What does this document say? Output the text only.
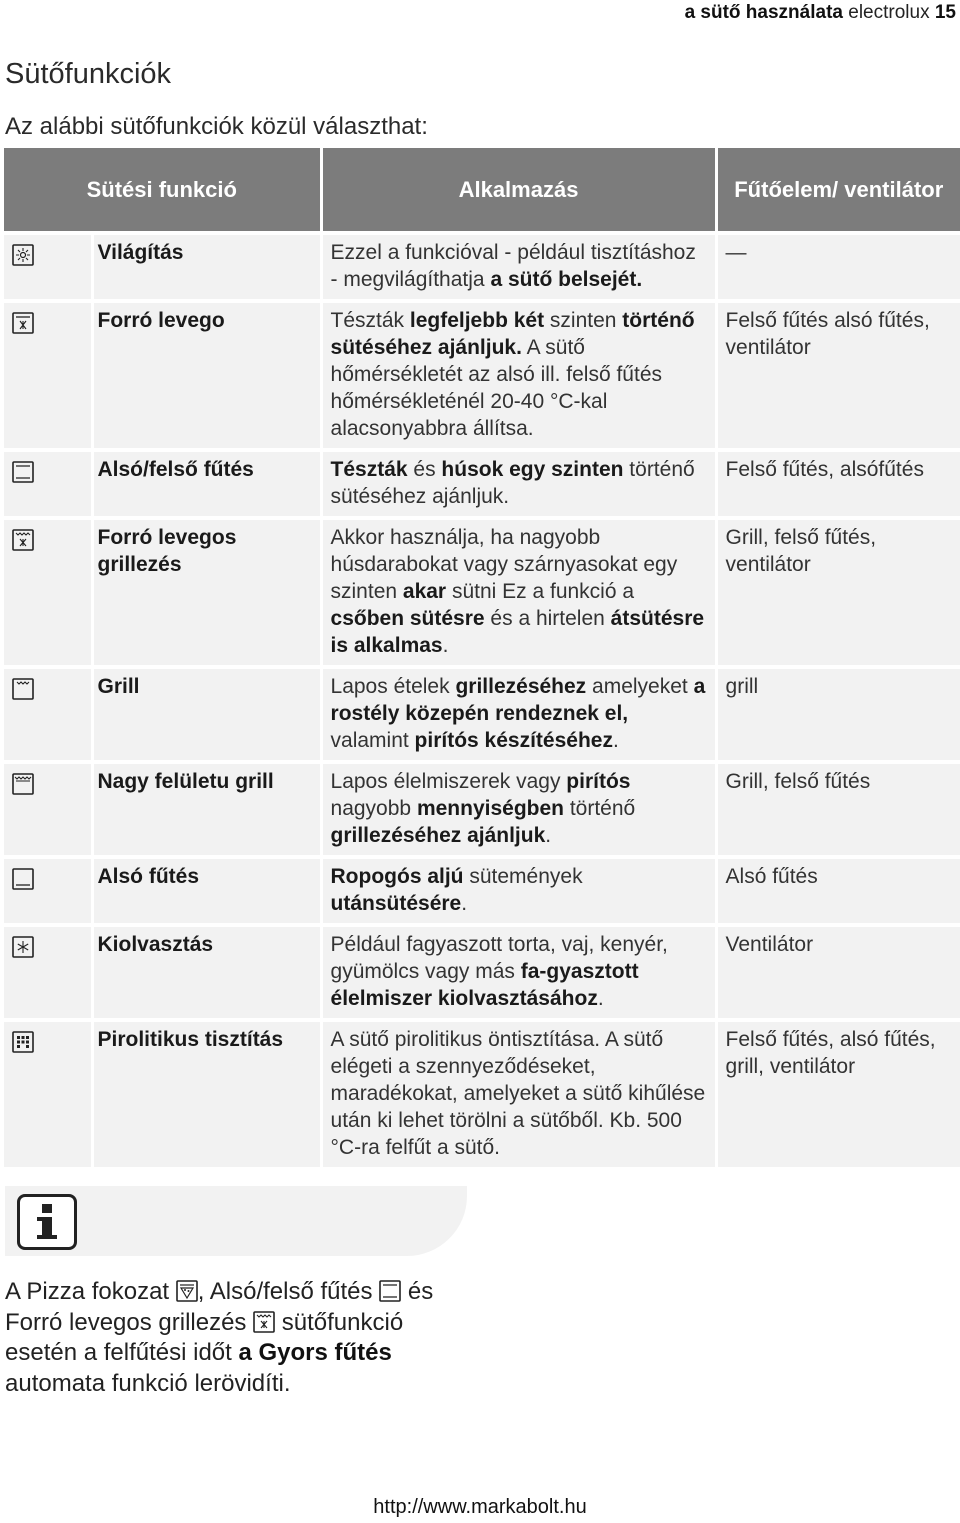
a sütő használata electrolux 15
Sütőfunkciók
Az alábbi sütőfunkciók közül választhat:
Sütési funkció		Alkalmazás	Fűtőelem/ ventilátor

	Világítás	Ezzel a funkcióval - például tisztításhoz - megvilágíthatja a sütő belsejét.	—

	Forró levego	Tészták legfeljebb két szinten történő sütéséhez ajánljuk. A sütő hőmérsékletét az alsó ill. felső fűtés hőmérsékleténél 20-40 °C-kal alacsonyabbra állítsa.	Felső fűtés alsó fűtés, ventilátor

	Alsó/felső fűtés	Tészták és húsok egy szinten történő sütéséhez ajánljuk.	Felső fűtés, alsófűtés

	Forró levegos grillezés	Akkor használja, ha nagyobb húsdarabokat vagy szárnyasokat egy szinten akar sütni Ez a funkció a csőben sütésre és a hirtelen átsütésre is alkalmas.	Grill, felső fűtés, ventilátor

	Grill	Lapos ételek grillezéséhez amelyeket a rostély közepén rendeznek el, valamint pirítós készítéséhez.	grill

	Nagy felületu grill	Lapos élelmiszerek vagy pirítós nagyobb mennyiségben történő grillezéséhez ajánljuk.	Grill, felső fűtés

	Alsó fűtés	Ropogós aljú sütemények utánsütésére.	Alsó fűtés

	Kiolvasztás	Például fagyaszott torta, vaj, kenyér, gyümölcs vagy más fa-gyasztott élelmiszer kiolvasztásához.	Ventilátor

	Pirolitikus tisztítás	A sütő pirolitikus öntisztítása. A sütő elégeti a szennyeződéseket, maradékokat, amelyeket a sütő kihűlése után ki lehet törölni a sütőből. Kb. 500 °C-ra felfűt a sütő.	Felső fűtés, alsó fűtés, grill, ventilátor
A Pizza fokozat
, Alsó/felső fűtés
és Forró levegos grillezés
sütőfunkció esetén a felfűtési időt a Gyors fűtés automata funkció lerövidíti.
http://www.markabolt.hu
